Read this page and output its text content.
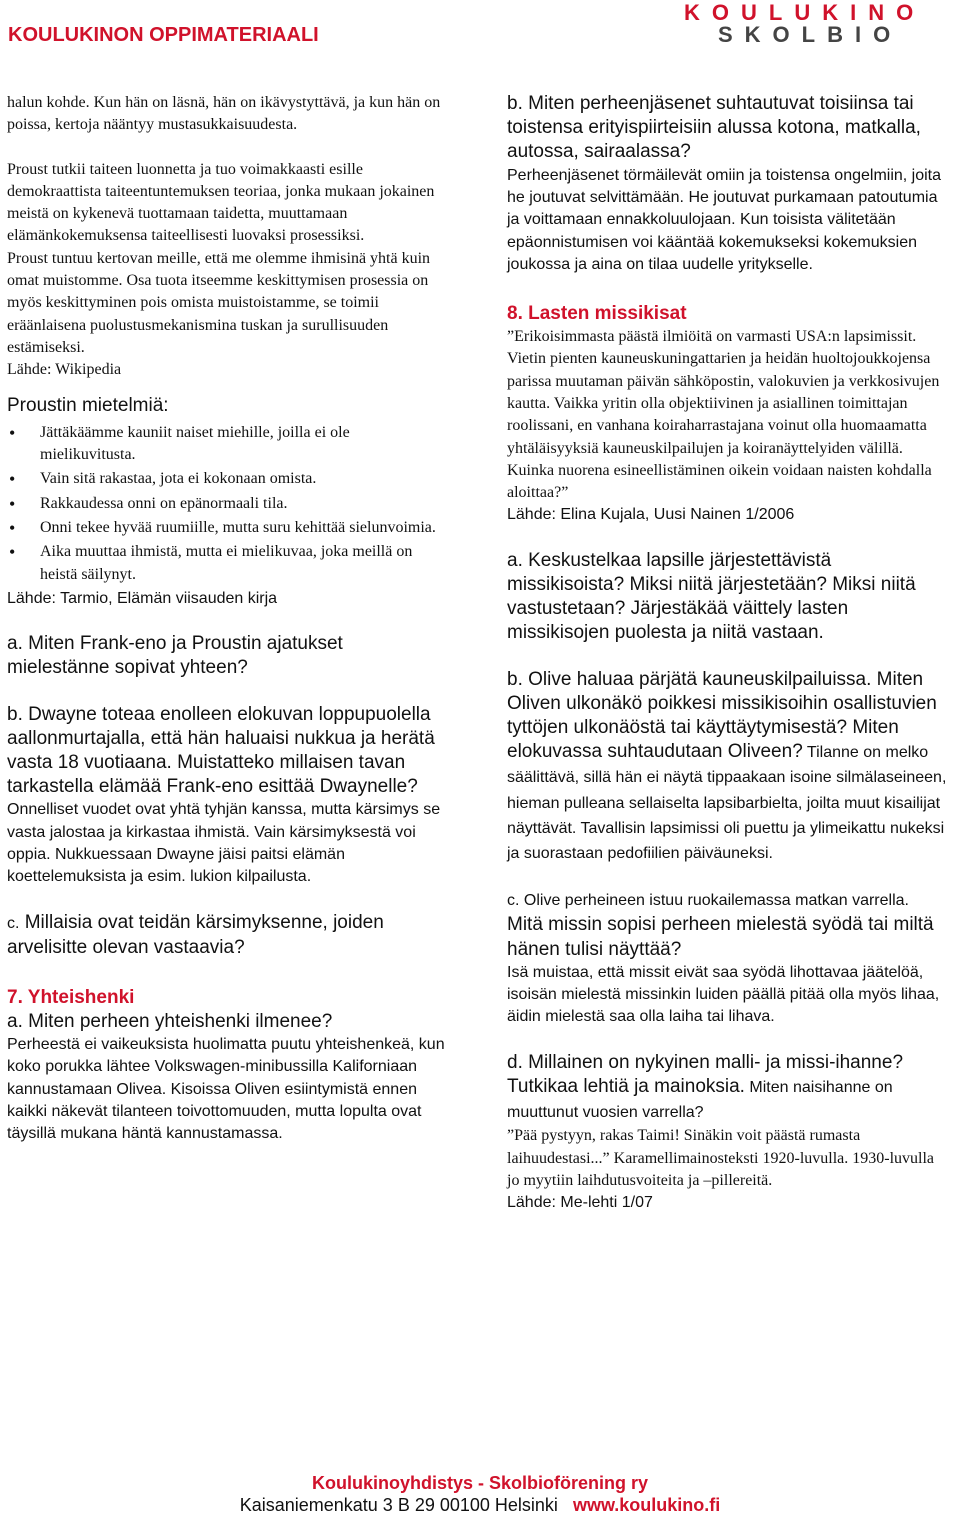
KOULUKINON OPPIMATERIAALI
KOULUKINO
SKOLBIO

halun kohde. Kun hän on läsnä, hän on ikävystyttävä, ja kun hän on poissa, kertoja nääntyy mustasukkaisuudesta.

Proust tutkii taiteen luonnetta ja tuo voimakkaasti esille demokraattista taiteentuntemuksen teoriaa, jonka mukaan jokainen meistä on kykenevä tuottamaan taidetta, muuttamaan elämänkokemuksensa taiteellisesti luovaksi prosessiksi.

Proust tuntuu kertovan meille, että me olemme ihmisinä yhtä kuin omat muistomme. Osa tuota itseemme keskittymisen prosessia on myös keskittyminen pois omista muistoistamme, se toimii eräänlaisena puolustusmekanismina tuskan ja surullisuuden estämiseksi.

Lähde: Wikipedia

Proustin mietelmiä:

• Jättäkäämme kauniit naiset miehille, joilla ei ole mielikuvitusta.
• Vain sitä rakastaa, jota ei kokonaan omista.
• Rakkaudessa onni on epänormaali tila.
• Onni tekee hyvää ruumiille, mutta suru kehittää sielunvoimia.
• Aika muuttaa ihmistä, mutta ei mielikuvaa, joka meillä on heistä säilynyt.

Lähde: Tarmio, Elämän viisauden kirja

a. Miten Frank-eno ja Proustin ajatukset mielestänne sopivat yhteen?

b. Dwayne toteaa enolleen elokuvan loppupuolella aallonmurtajalla, että hän haluaisi nukkua ja herätä vasta 18 vuotiaana. Muistatteko millaisen tavan tarkastella elämää Frank-eno esittää Dwaynelle?

Onnelliset vuodet ovat yhtä tyhjän kanssa, mutta kärsimys se vasta jalostaa ja kirkastaa ihmistä. Vain kärsimyksestä voi oppia. Nukkuessaan Dwayne jäisi paitsi elämän koettelemuksista ja esim. lukion kilpailusta.

c. Millaisia ovat teidän kärsimyksenne, joiden arvelisitte olevan vastaavia?

7. Yhteishenki

a. Miten perheen yhteishenki ilmenee?

Perheestä ei vaikeuksista huolimatta puutu yhteishenkeä, kun koko porukka lähtee Volkswagen-minibussilla Kaliforniaan kannustamaan Olivea. Kisoissa Oliven esiintymistä ennen kaikki näkevät tilanteen toivottomuuden, mutta lopulta ovat täysillä mukana häntä kannustamassa.

b. Miten perheenjäsenet suhtautuvat toisiinsa tai toistensa erityispiirteisiin alussa kotona, matkalla, autossa, sairaalassa?

Perheenjäsenet törmäilevät omiin ja toistensa ongelmiin, joita he joutuvat selvittämään. He joutuvat purkamaan patoutumia ja voittamaan ennakkoluulojaan. Kun toisista välitetään epäonnistumisen voi kääntää kokemukseksi kokemuksien joukossa ja aina on tilaa uudelle yritykselle.

8. Lasten missikisat

”Erikoisimmasta päästä ilmiöitä on varmasti USA:n lapsimissit. Vietin pienten kauneuskuningattarien ja heidän huoltojoukkojensa parissa muutaman päivän sähköpostin, valokuvien ja verkkosivujen kautta. Vaikka yritin olla objektiivinen ja asiallinen toimittajan roolissani, en vanhana koiraharrastajana voinut olla huomaamatta yhtäläisyyksiä kauneuskilpailujen ja koiranäyttelyiden välillä. Kuinka nuorena esineellistäminen oikein voidaan naisten kohdalla aloittaa?”

Lähde: Elina Kujala, Uusi Nainen 1/2006

a. Keskustelkaa lapsille järjestettävistä missikisoista? Miksi niitä järjestetään? Miksi niitä vastustetaan? Järjestäkää väittely lasten missikisojen puolesta ja niitä vastaan.

b. Olive haluaa pärjätä kauneuskilpailuissa. Miten Oliven ulkonäkö poikkesi missikisoihin osallistuvien tyttöjen ulkonäöstä tai käyttäytymisestä? Miten elokuvassa suhtaudutaan Oliveen? Tilanne on melko säälittävä, sillä hän ei näytä tippaakaan isoine silmälaseineen, hieman pulleana sellaiselta lapsibarbielta, joilta muut kisailijat näyttävät. Tavallisin lapsimissi oli puettu ja ylimeikattu nukeksi ja suorastaan pedofiilien päiväuneksi.

c. Olive perheineen istuu ruokailemassa matkan varrella. Mitä missin sopisi perheen mielestä syödä tai miltä hänen tulisi näyttää?

Isä muistaa, että missit eivät saa syödä lihottavaa jäätelöä, isoisän mielestä missinkin luiden päällä pitää olla myös lihaa, äidin mielestä saa olla laiha tai lihava.

d. Millainen on nykyinen malli- ja missi-ihanne? Tutkikaa lehtiä ja mainoksia. Miten naisihanne on muuttunut vuosien varrella?

”Pää pystyyn, rakas Taimi! Sinäkin voit päästä rumasta laihuudestasi...” Karamellimainosteksti 1920-luvulla. 1930-luvulla jo myytiin laihdutusvoiteita ja –pillereitä.

Lähde: Me-lehti 1/07

Koulukinoyhdistys - Skolbioförening ry
Kaisaniemenkatu 3 B 29 00100 Helsinki www.koulukino.fi
